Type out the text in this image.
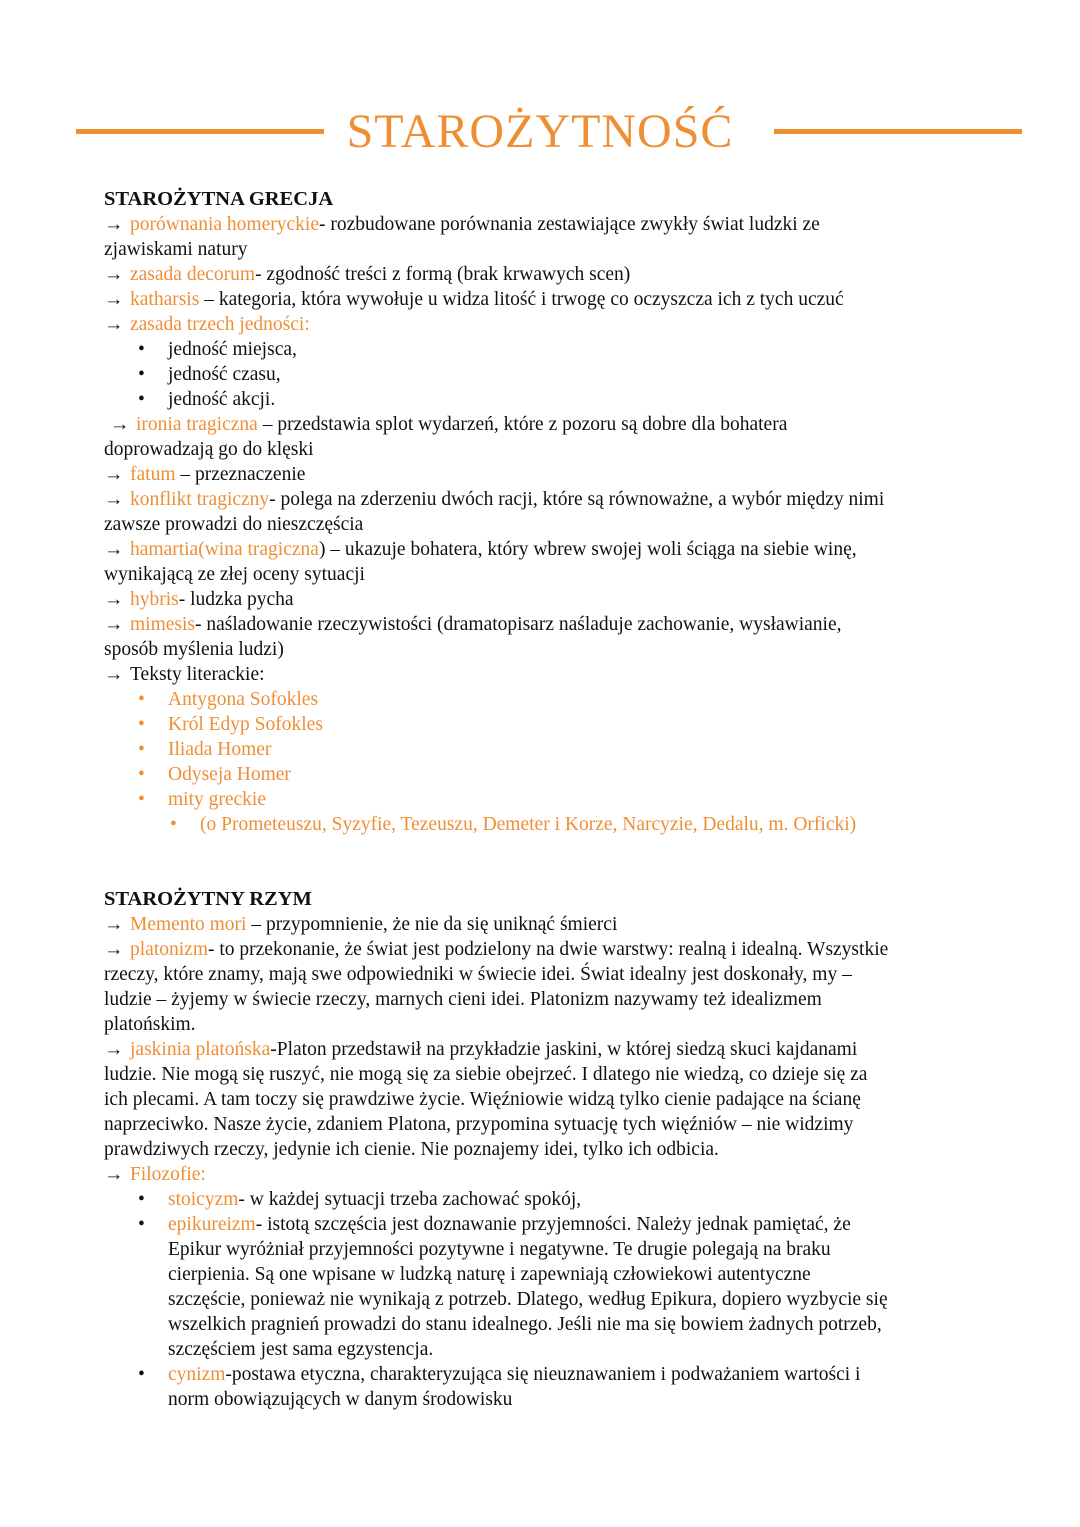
STAROŻYTNOŚĆ
STAROŻYTNA GRECJA
→ porównania homeryckie- rozbudowane porównania zestawiające zwykły świat ludzki ze
zjawiskami natury
→ zasada decorum- zgodność treści z formą (brak krwawych scen)
→ katharsis – kategoria, która wywołuje u widza litość i trwogę co oczyszcza ich z tych uczuć
→ zasada trzech jedności:
• jedność miejsca,
• jedność czasu,
• jedność akcji.
→ ironia tragiczna – przedstawia splot wydarzeń, które z pozoru są dobre dla bohatera
doprowadzają go do klęski
→ fatum – przeznaczenie
→ konflikt tragiczny- polega na zderzeniu dwóch racji, które są równoważne, a wybór między nimi
zawsze prowadzi do nieszczęścia
→ hamartia(wina tragiczna) – ukazuje bohatera, który wbrew swojej woli ściąga na siebie winę,
wynikającą ze złej oceny sytuacji
→ hybris- ludzka pycha
→ mimesis- naśladowanie rzeczywistości (dramatopisarz naśladuje zachowanie, wysławianie,
sposób myślenia ludzi)
→ Teksty literackie:
• Antygona Sofokles
• Król Edyp Sofokles
• Iliada Homer
• Odyseja Homer
• mity greckie
• (o Prometeuszu, Syzyfie, Tezeuszu, Demeter i Korze, Narcyzie, Dedalu, m. Orficki)
STAROŻYTNY RZYM
→ Memento mori – przypomnienie, że nie da się uniknąć śmierci
→ platonizm- to przekonanie, że świat jest podzielony na dwie warstwy: realną i idealną. Wszystkie
rzeczy, które znamy, mają swe odpowiedniki w świecie idei. Świat idealny jest doskonały, my –
ludzie – żyjemy w świecie rzeczy, marnych cieni idei. Platonizm nazywamy też idealizmem
platońskim.
→ jaskinia platońska-Platon przedstawił na przykładzie jaskini, w której siedzą skuci kajdanami
ludzie. Nie mogą się ruszyć, nie mogą się za siebie obejrzeć. I dlatego nie wiedzą, co dzieje się za
ich plecami. A tam toczy się prawdziwe życie. Więźniowie widzą tylko cienie padające na ścianę
naprzeciwko. Nasze życie, zdaniem Platona, przypomina sytuację tych więźniów – nie widzimy
prawdziwych rzeczy, jedynie ich cienie. Nie poznajemy idei, tylko ich odbicia.
→ Filozofie:
• stoicyzm- w każdej sytuacji trzeba zachować spokój,
• epikureizm- istotą szczęścia jest doznawanie przyjemności. Należy jednak pamiętać, że
Epikur wyróżniał przyjemności pozytywne i negatywne. Te drugie polegają na braku
cierpienia. Są one wpisane w ludzką naturę i zapewniają człowiekowi autentyczne
szczęście, ponieważ nie wynikają z potrzeb. Dlatego, według Epikura, dopiero wyzbycie się
wszelkich pragnień prowadzi do stanu idealnego. Jeśli nie ma się bowiem żadnych potrzeb,
szczęściem jest sama egzystencja.
• cynizm-postawa etyczna, charakteryzująca się nieuznawaniem i podważaniem wartości i
norm obowiązujących w danym środowisku
